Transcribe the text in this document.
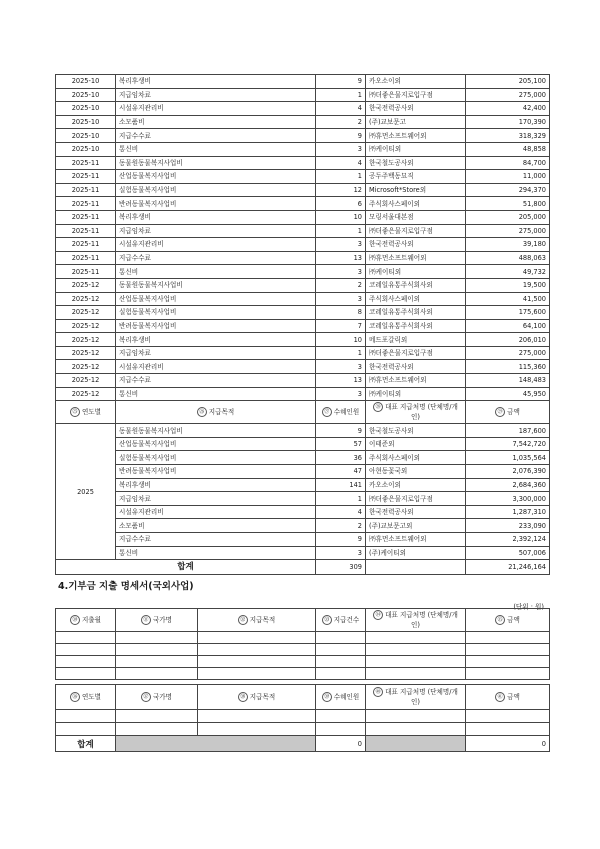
2025-10	복리후생비	9	카오소이외	205,100
2025-10	지급임차료	1	㈜더좋은물지로입구점	275,000
2025-10	시설유지관리비	4	한국전력공사외	42,400
2025-10	소모품비	2	(주)교보문고	170,390
2025-10	지급수수료	9	㈜휴먼소프트웨어외	318,329
2025-10	통신비	3	㈜케이티외	48,858
2025-11	동물원동물복지사업비	4	한국철도공사외	84,700
2025-11	산업동물복지사업비	1	공두주백동묘직	11,000
2025-11	실험동물복지사업비	12	Microsoft*Store외	294,370
2025-11	반려동물복지사업비	6	주식회사스페이외	51,800
2025-11	복리후생비	10	모링서울대본점	205,000
2025-11	지급임차료	1	㈜더좋은물지로입구점	275,000
2025-11	시설유지관리비	3	한국전력공사외	39,180
2025-11	지급수수료	13	㈜휴먼소프트웨어외	488,063
2025-11	통신비	3	㈜케이티외	49,732
2025-12	동물원동물복지사업비	2	코레일유통주식회사외	19,500
2025-12	산업동물복지사업비	3	주식회사스페이외	41,500
2025-12	실험동물복지사업비	8	코레일유통주식회사외	175,600
2025-12	반려동물복지사업비	7	코레일유통주식회사외	64,100
2025-12	복리후생비	10	메드포갈릭외	206,010
2025-12	지급임차료	1	㈜더좋은물지로입구점	275,000
2025-12	시설유지관리비	3	한국전력공사외	115,360
2025-12	지급수수료	13	㈜휴먼소프트웨어외	148,483
2025-12	통신비	3	㈜케이티외	45,950
㉕ 연도별	㉖ 지급목적	㉗ 수혜인원	㉘ 대표 지급처명 (단체명/개인)	㉙ 금액
2025	동물원동물복지사업비	9	한국철도공사외	187,600
	산업동물복지사업비	57	이태준외	7,542,720
	실험동물복지사업비	36	주식회사스페이외	1,035,564
	반려동물복지사업비	47	아현동꽃국외	2,076,390
	복리후생비	141	카오소이외	2,684,360
	지급임차료	1	㈜더좋은물지로입구점	3,300,000
	시설유지관리비	4	한국전력공사외	1,287,310
	소모품비	2	(주)교보문고외	233,090
	지급수수료	9	㈜휴먼소프트웨어외	2,392,124
	통신비	3	(주)케이티외	507,006
합계		309		21,246,164
4.기부금 지출 명세서(국외사업)
(단위 : 원)
㉚ 지출월	㉛ 국가명	㉜ 지급목적	㉝ 지급건수	㉞ 대표 지급처명 (단체명/개인)	㉟ 금액

㊱ 연도별	㊲ 국가명	㊳ 지급목적	㊴ 수혜인원	㊵ 대표 지급처명 (단체명/개인)	㊶ 금액

합계			0		0
